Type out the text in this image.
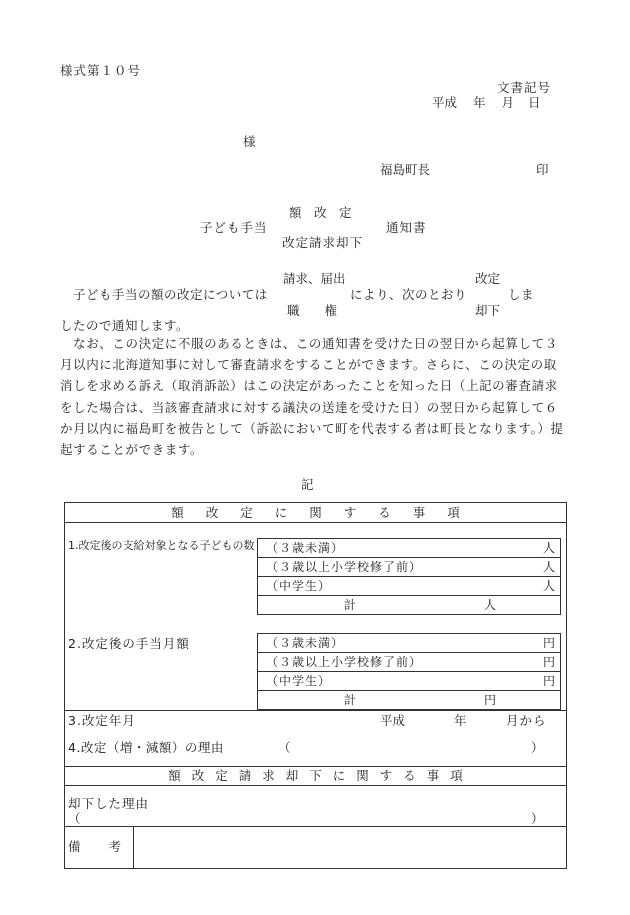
様式第１０号
文書記号
平成 年 月 日
様
福島町長	印
額　改　定
子ども手当	通知書
改定請求却下
請求、届出	改定
子ども手当の額の改定については	により、次のとおり	しま
職　　権	却下
したので通知します。

　なお、この決定に不服のあるときは、この通知書を受けた日の翌日から起算して３月以内に北海道知事に対して審査請求をすることができます。さらに、この決定の取消しを求める訴え（取消訴訟）はこの決定があったことを知った日（上記の審査請求をした場合は、当該審査請求に対する議決の送達を受けた日）の翌日から起算して６か月以内に福島町を被告として（訴訟において町を代表する者は町長となります。）提起することができます。

記
額改定に関する事項
1.改定後の支給対象となる子どもの数 （３歳未満）	人
（３歳以上小学校修了前）	人
（中学生）	人
計	人
2.改定後の手当月額	（３歳未満）	円
（３歳以上小学校修了前）	円
（中学生）	円
計	円
3.改定年月	平成	年	月から
4.改定（増・減額）の理由	（	）
額改定請求却下に関する事項
却下した理由
（	）
備　　考
